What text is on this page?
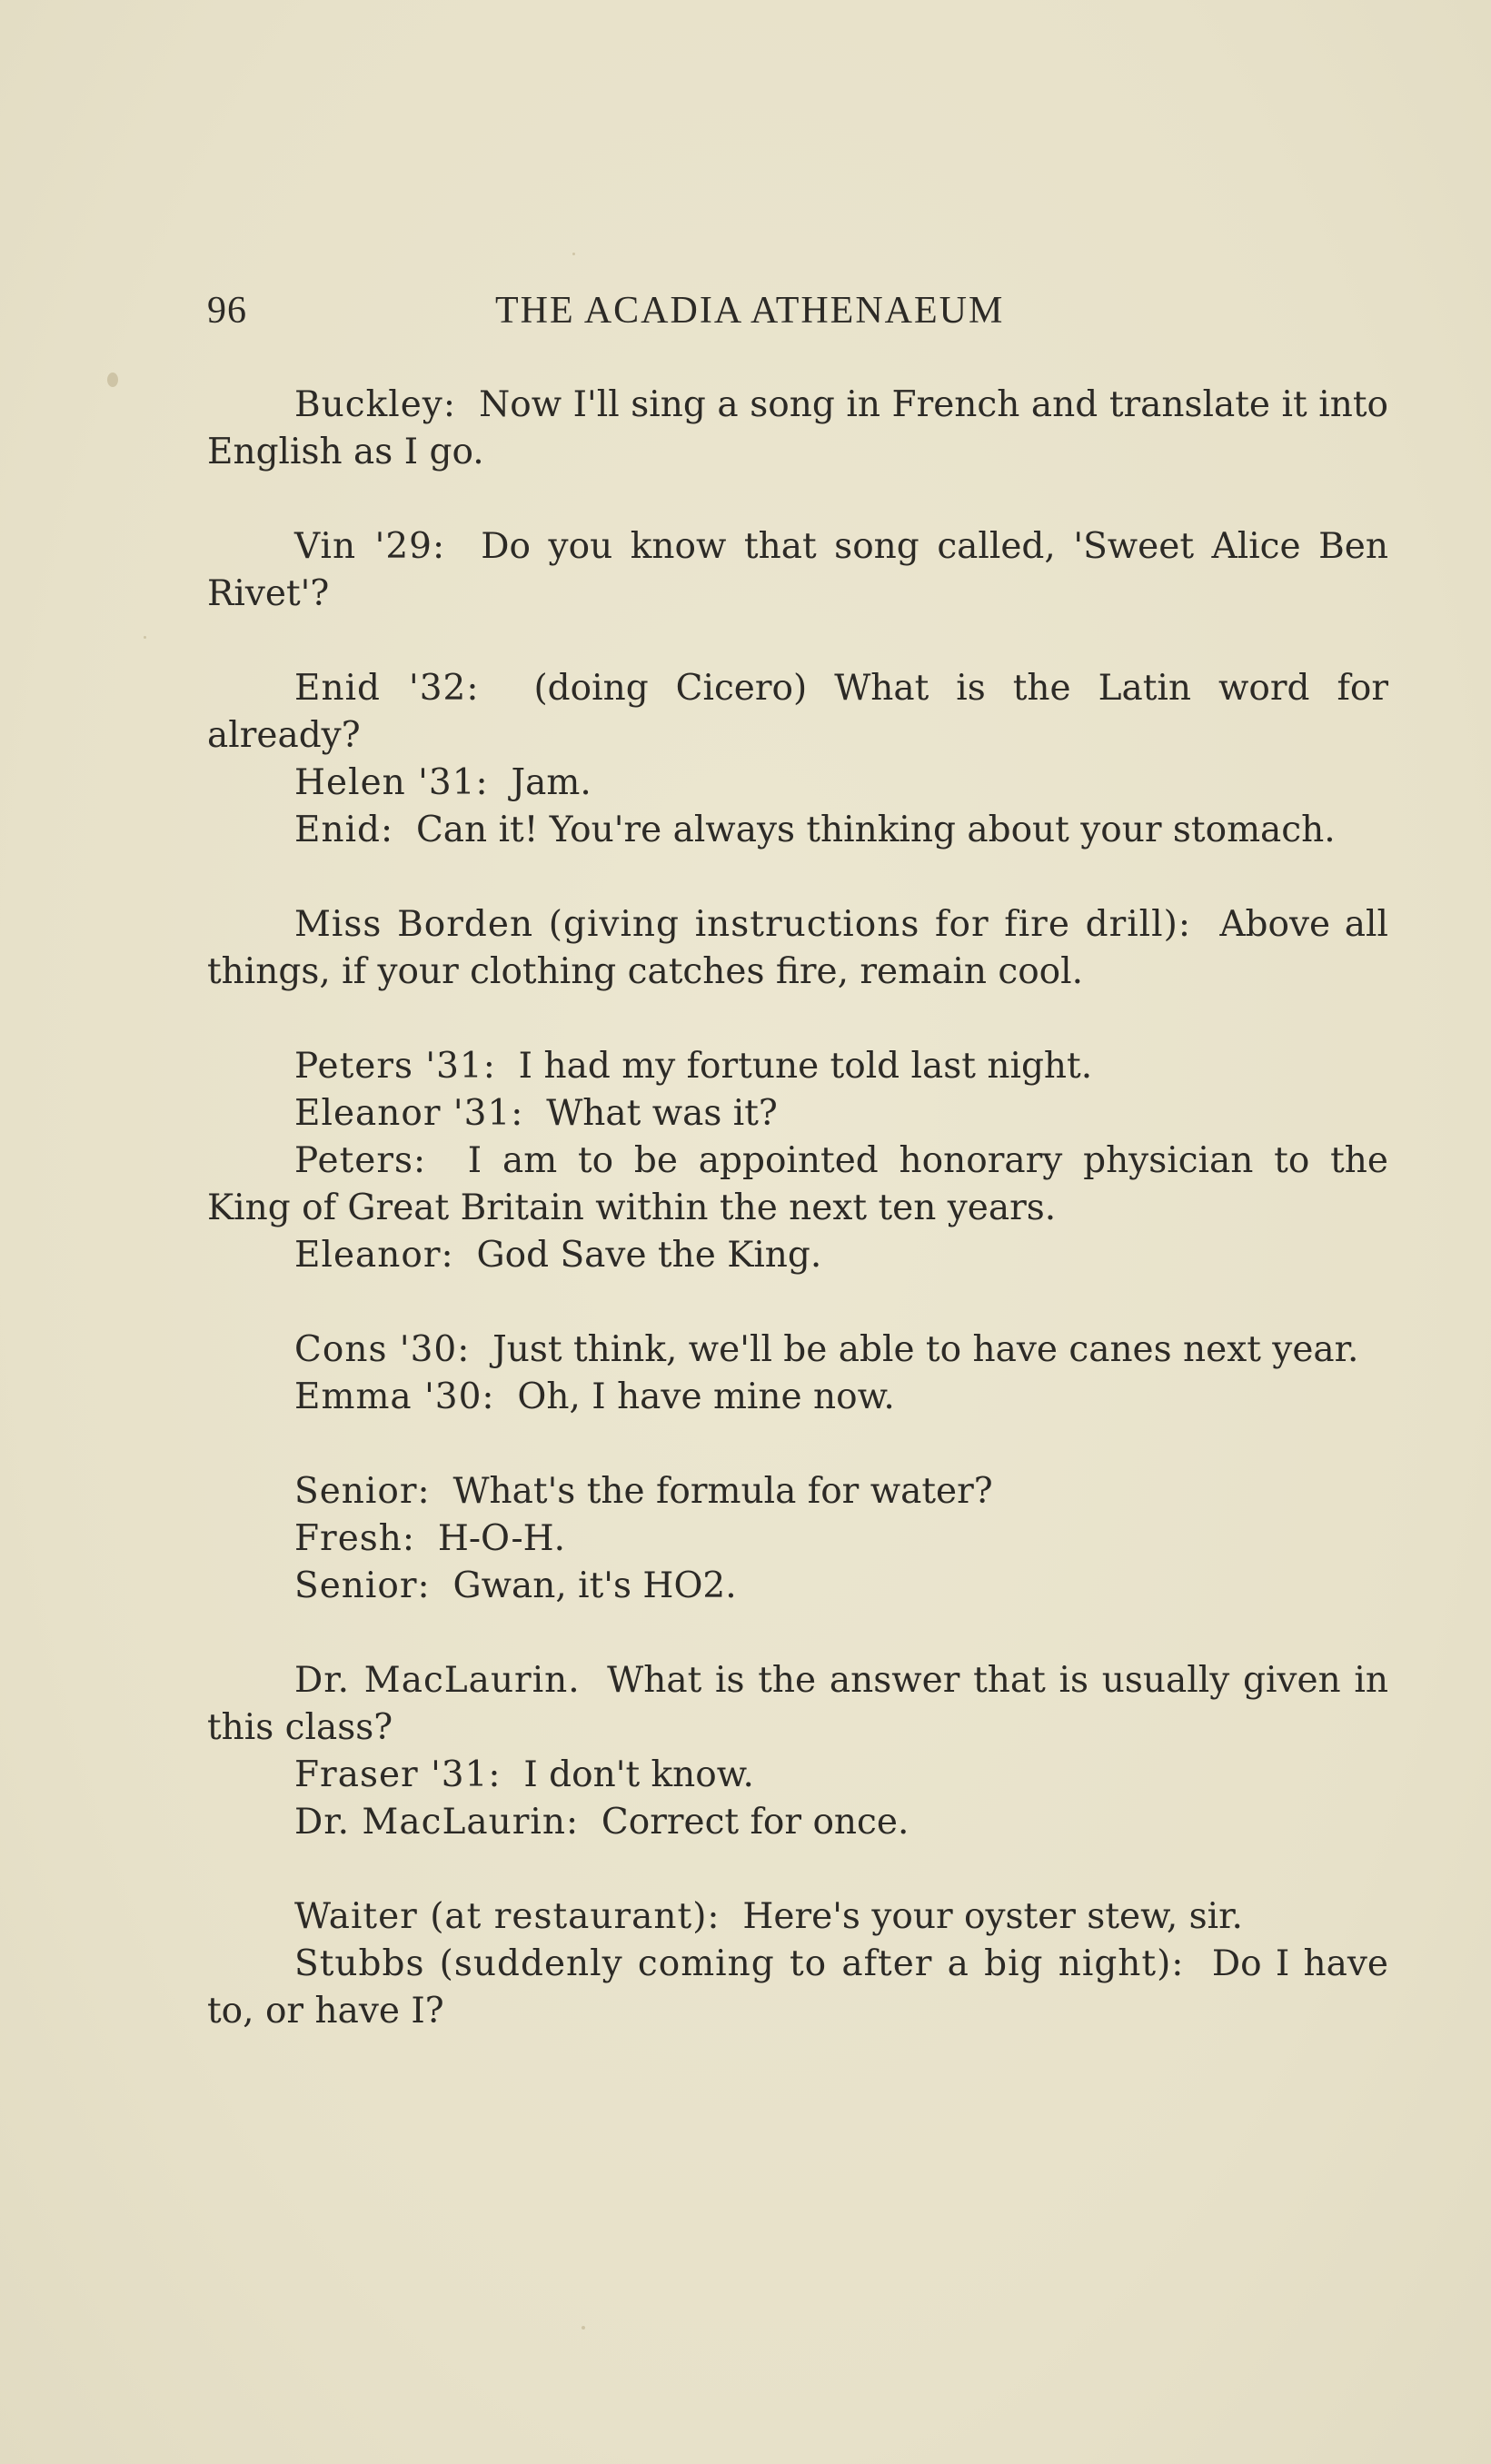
96	THE ACADIA ATHENAEUM
Buckley: Now I'll sing a song in French and translate it into English as I go.
Vin '29: Do you know that song called, 'Sweet Alice Ben Rivet'?
Enid '32: (doing Cicero) What is the Latin word for already?
Helen '31: Jam.
Enid: Can it! You're always thinking about your stomach.
Miss Borden (giving instructions for fire drill): Above all things, if your clothing catches fire, remain cool.
Peters '31: I had my fortune told last night.
Eleanor '31: What was it?
Peters: I am to be appointed honorary physician to the King of Great Britain within the next ten years.
Eleanor: God Save the King.
Cons '30: Just think, we'll be able to have canes next year.
Emma '30: Oh, I have mine now.
Senior: What's the formula for water?
Fresh: H-O-H.
Senior: Gwan, it's HO2.
Dr. MacLaurin. What is the answer that is usually given in this class?
Fraser '31: I don't know.
Dr. MacLaurin: Correct for once.
Waiter (at restaurant): Here's your oyster stew, sir.
Stubbs (suddenly coming to after a big night): Do I have to, or have I?
